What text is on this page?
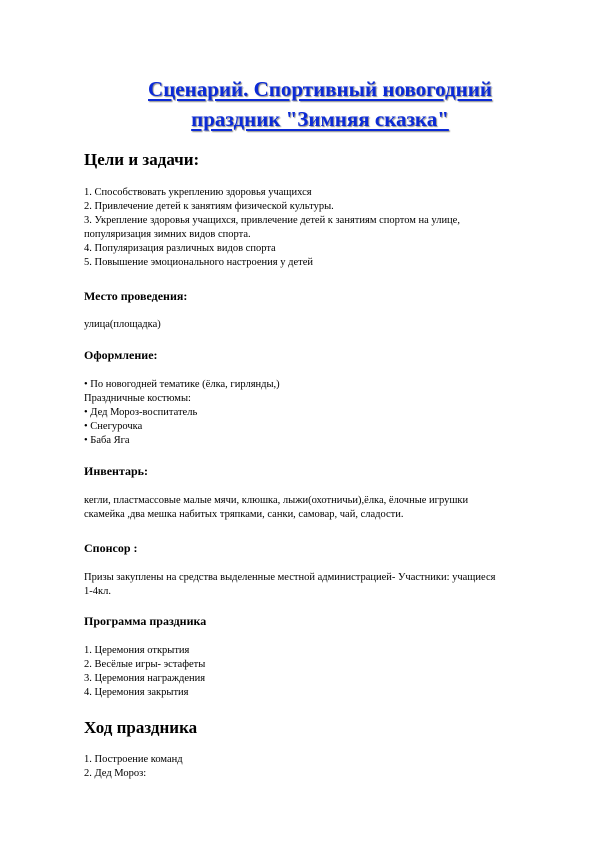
Сценарий. Спортивный новогодний
праздник "Зимняя сказка"
Цели и задачи:
1. Способствовать укреплению здоровья учащихся
2. Привлечение детей к занятиям физической культуры.
3. Укрепление здоровья учащихся, привлечение детей к занятиям спортом на улице,
популяризация зимних видов спорта.
4. Популяризация различных видов спорта
5. Повышение эмоционального настроения у детей
Место проведения:
улица(площадка)
Оформление:
• По новогодней тематике (ёлка, гирлянды,)
Праздничные костюмы:
• Дед Мороз-воспитатель
• Снегурочка
• Баба Яга
Инвентарь:
кегли, пластмассовые малые мячи, клюшка, лыжи(охотничьи),ёлка, ёлочные игрушки
скамейка ,два мешка набитых тряпками, санки, самовар, чай, сладости.
Спонсор :
Призы закуплены на средства выделенные местной администрацией- Участники: учащиеся
1-4кл.
Программа праздника
1. Церемония открытия
2. Весёлые игры- эстафеты
3. Церемония награждения
4. Церемония закрытия
Ход праздника
1. Построение команд
2. Дед Мороз:
